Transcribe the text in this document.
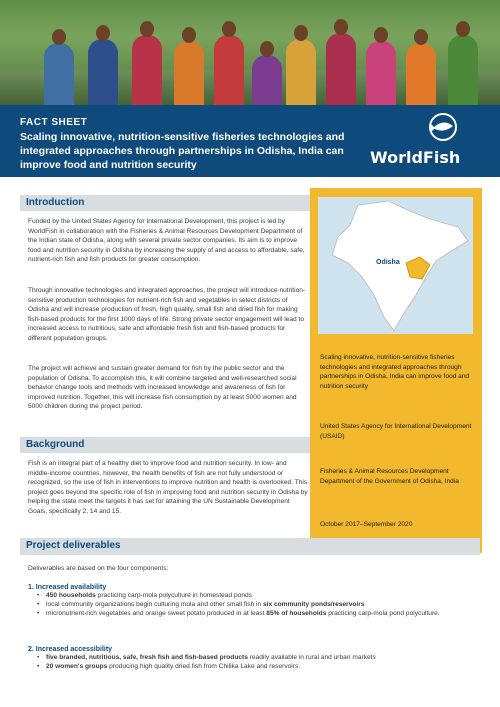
FACT SHEET
Scaling innovative, nutrition-sensitive fisheries technologies and integrated approaches through partnerships in Odisha, India can improve food and nutrition security	WorldFish
Introduction
Funded by the United States Agency for International Development, this project is led by WorldFish in collaboration with the Fisheries & Animal Resources Development Department of the Indian state of Odisha, along with several private sector companies. Its aim is to improve food and nutrition security in Odisha by increasing the supply of and access to affordable, safe, nutrient-rich fish and fish products for greater consumption.
Through innovative technologies and integrated approaches, the project will introduce nutrition-sensitive production technologies for nutrient-rich fish and vegetables in select districts of Odisha and will increase production of fresh, high quality, small fish and dried fish for making fish-based products for the first 1000 days of life. Strong private sector engagement will lead to increased access to nutritious, safe and affordable fresh fish and fish-based products for different population groups.
The project will achieve and sustain greater demand for fish by the public sector and the population of Odisha. To accomplish this, it will combine targeted and well-researched social behavior change tools and methods with increased knowledge and awareness of fish for improved nutrition. Together, this will increase fish consumption by at least 5000 women and 5000 children during the project period.
Background
Fish is an integral part of a healthy diet to improve food and nutrition security. In low- and middle-income countries, however, the health benefits of fish are not fully understood or recognized, so the use of fish in interventions to improve nutrition and health is overlooked. This project goes beyond the specific role of fish in improving food and nutrition security in Odisha by helping the state meet the targets it has set for attaining the UN Sustainable Development Goals, specifically 2, 14 and 15.
Odisha
Scaling innovative, nutrition-sensitive fisheries technologies and integrated approaches through partnerships in Odisha, India can improve food and nutrition security
United States Agency for International Development (USAID)
Fisheries & Animal Resources Development Department of the Government of Odisha, India
October 2017–September 2020
Project deliverables
Deliverables are based on the four components:
1. Increased availability
• 450 households practicing carp-mola polyculture in homestead ponds
• local community organizations begin culturing mola and other small fish in six community ponds/reservoirs
• micronutrient-rich vegetables and orange sweet potato produced in at least 85% of households practicing carp-mola pond polyculture.
2. Increased accessibility
• five branded, nutritious, safe, fresh fish and fish-based products readily available in rural and urban markets
• 20 women's groups producing high quality dried fish from Chilika Lake and reservoirs.
